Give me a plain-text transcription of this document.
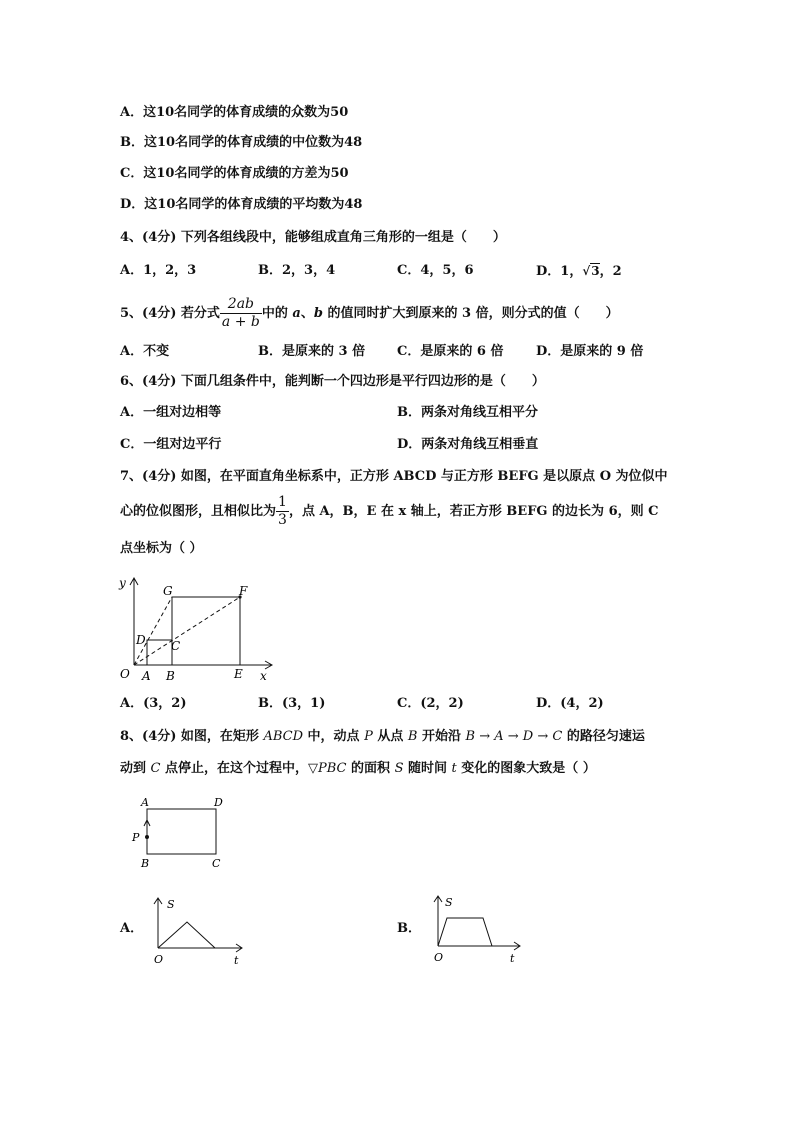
A．这10名同学的体育成绩的众数为50
B．这10名同学的体育成绩的中位数为48
C．这10名同学的体育成绩的方差为50
D．这10名同学的体育成绩的平均数为48
4、(4分) 下列各组线段中，能够组成直角三角形的一组是（　　）
A．1，2，3	B．2，3，4	C．4，5，6	D．1，√3，2
5、(4分) 若分式 $\frac{2ab}{a + b}$ 中的 a、b 的值同时扩大到原来的 3 倍，则分式的值（　　）
A．不变	B．是原来的 3 倍 C．是原来的 6 倍	D．是原来的 9 倍
6、(4分) 下面几组条件中，能判断一个四边形是平行四边形的是（　　）
A．一组对边相等	B．两条对角线互相平分
C．一组对边平行	D．两条对角线互相垂直
7、(4分) 如图，在平面直角坐标系中，正方形 ABCD 与正方形 BEFG 是以原点 O 为位似中
心的位似图形，且相似比为 $\frac{1}{3}$ ，点 A，B，E 在 x 轴上，若正方形 BEFG 的边长为 6，则 C
点坐标为（ ）
y
x
O A B	E
D C
G	F
A．(3，2)	B．(3，1)	C．(2，2)	D．(4，2)
8、(4分) 如图，在矩形 ABCD 中，动点 P 从点 B 开始沿 B → A → D → C 的路径匀速运
动到 C 点停止，在这个过程中，▽PBC 的面积 S 随时间 t 变化的图象大致是（ ）
A	D
P
B	C
A．
S
O	t
B．
S
O	t
